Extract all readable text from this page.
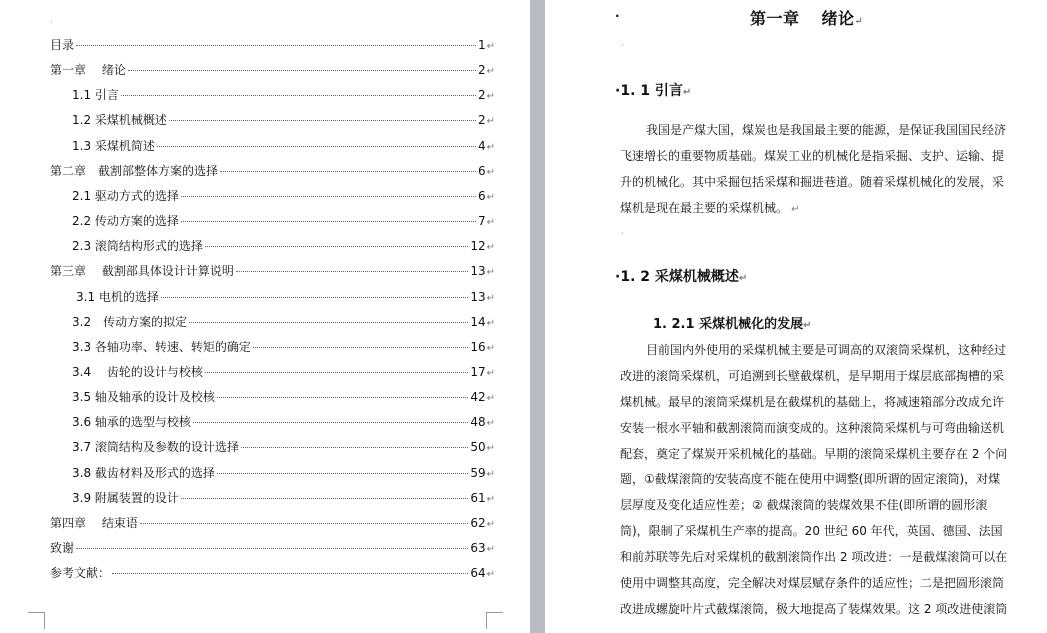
·
目录	1 ↵
第一章　 绪论	2 ↵
1.1 引言	2 ↵
1.2 采煤机械概述	2 ↵
1.3 采煤机简述	4 ↵
第二章　截割部整体方案的选择	6 ↵
2.1 驱动方式的选择	6 ↵
2.2 传动方案的选择	7 ↵
2.3 滚筒结构形式的选择	12 ↵
第三章　 截割部具体设计计算说明	13 ↵
3.1 电机的选择	13 ↵
3.2　传动方案的拟定	14 ↵
3.3 各轴功率、转速、转矩的确定	16 ↵
3.4　 齿轮的设计与校核	17 ↵
3.5 轴及轴承的设计及校核	42 ↵
3.6 轴承的选型与校核	48 ↵
3.7 滚筒结构及参数的设计选择	50 ↵
3.8 截齿材料及形式的选择	59 ↵
3.9 附属装置的设计	61 ↵
第四章　 结束语	62 ↵
致谢	63 ↵
参考文献：	64 ↵
·	第一章 绪论↵
·
·1. 1 引言↵
我国是产煤大国，煤炭也是我国最主要的能源，是保证我国国民经济
飞速增长的重要物质基础。煤炭工业的机械化是指采掘、支护、运输、提
升的机械化。其中采掘包括采煤和掘进巷道。随着采煤机械化的发展，采
煤机是现在最主要的采煤机械。 ↵
·
·1. 2 采煤机械概述↵
1. 2.1 采煤机械化的发展↵
目前国内外使用的采煤机械主要是可调高的双滚筒采煤机，这种经过
改进的滚筒采煤机，可追溯到长壁截煤机，是早期用于煤层底部掏槽的采
煤机械。最早的滚筒采煤机是在截煤机的基础上，将减速箱部分改成允许
安装一根水平轴和截割滚筒而演变成的。这种滚筒采煤机与可弯曲输送机
配套，奠定了煤炭开采机械化的基础。早期的滚筒采煤机主要存在 2 个问
题，①截煤滚筒的安装高度不能在使用中调整(即所谓的固定滚筒)，对煤
层厚度及变化适应性差；② 截煤滚筒的装煤效果不佳(即所谓的圆形滚
筒)，限制了采煤机生产率的提高。20 世纪 60 年代，英国、德国、法国
和前苏联等先后对采煤机的截割滚筒作出 2 项改进：一是截煤滚筒可以在
使用中调整其高度，完全解决对煤层赋存条件的适应性；二是把圆形滚筒
改进成螺旋叶片式截煤滚筒，极大地提高了装煤效果。这 2 项改进使滚筒
